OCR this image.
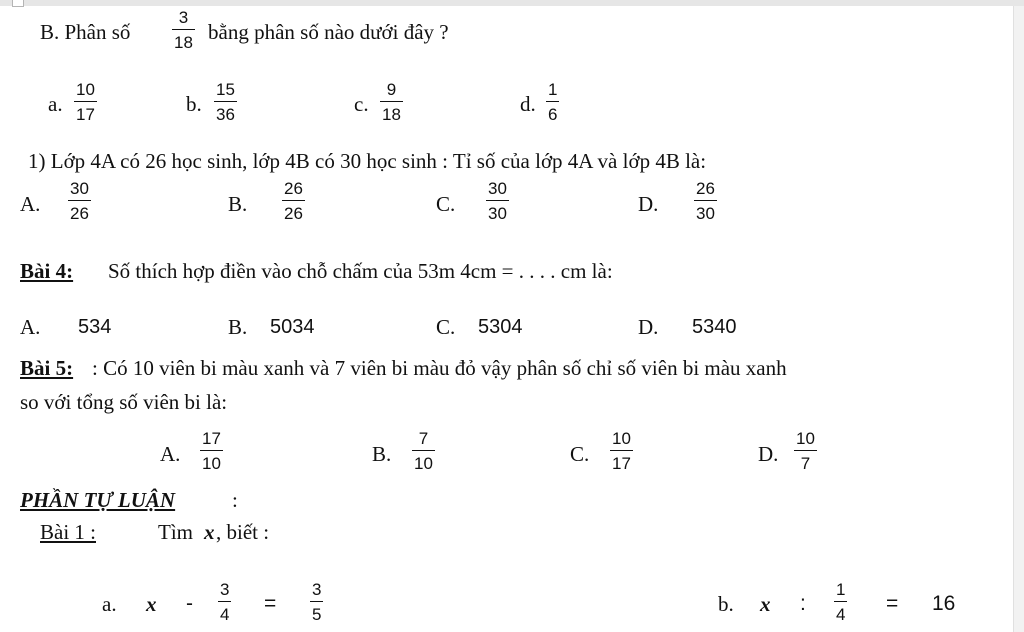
B. Phân số
3
18 bằng phân số nào dưới đây ?
a.
10
17	b.
15
36	c.
9
18	d.
1
6
1) Lớp 4A có 26 học sinh, lớp 4B có 30 học sinh : Tỉ số của lớp 4A và lớp 4B là:
A.
30
26	B.
26
26	C.
30
30	D.
26
30
Bài 4: Số thích hợp điền vào chỗ chấm của 53m 4cm = . . . . cm là:
A. 534	B. 5034	C. 5304	D. 5340
Bài 5: : Có 10 viên bi màu xanh và 7 viên bi màu đỏ vậy phân số chỉ số viên bi màu xanh
so với tổng số viên bi là:
A.
17
10	B.
7
10	C.
10
17	D.
10
7
PHẦN TỰ LUẬN	:
Bài 1 :	Tìm x , biết :
a. x -
3
4 =
3
5	b. x :
1
4 = 16
